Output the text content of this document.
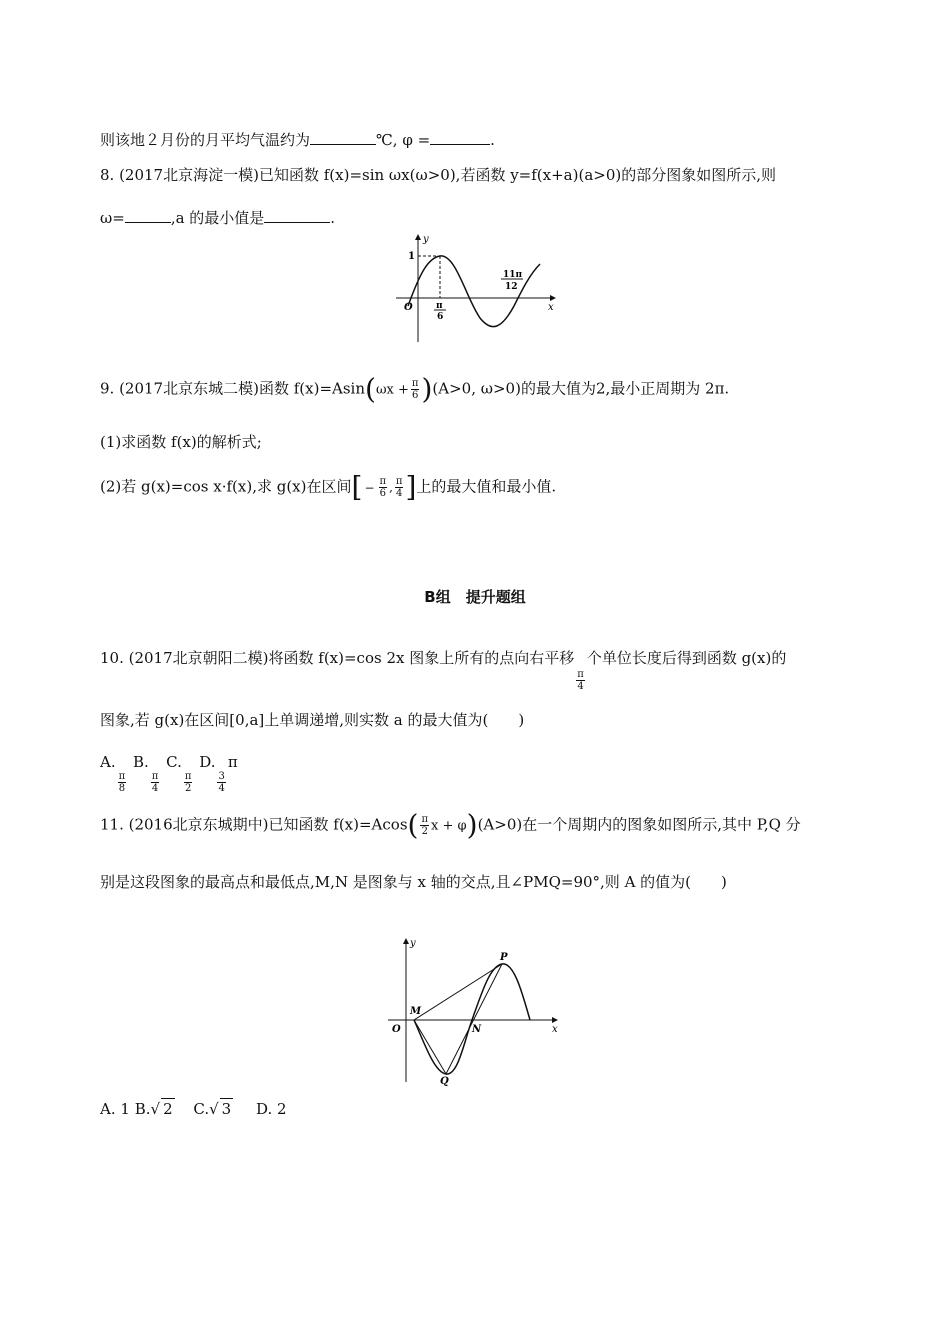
则该地２月份的月平均气温约为	℃, φ =	.
8. (2017北京海淀一模)已知函数 f(x)=sin ωx(ω>0),若函数 y=f(x+a)(a>0)的部分图象如图所示,则
ω=	,a 的最小值是	.
y
x
O
1
π
6
11π
12
9. (2017北京东城二模)函数 $f(x)=Asin(\omega x + \frac{\pi}{6} )(A>0$, ω>0)的最大值为2,最小正周期为 2π.
(1)求函数 f(x)的解析式;
(2)若 g(x)=cos x·f(x),求 g(x)在区间[ − $\frac{\pi}{6}$ , $\frac{\pi}{4}$ ]上的最大值和最小值.
B组　提升题组
10. (2017北京朝阳二模)将函数 f(x)=cos 2x 图象上所有的点向右平移
$\frac{\pi}{4}$
个单位长度后得到函数 g(x)的
图象,若 g(x)在区间[0,a]上单调递增,则实数 a 的最大值为(　　)
A.
$\frac{\pi}{8}$
B.
$\frac{\pi}{4}$
C.
$\frac{\pi}{2}$
D.
$\frac{3}{4}$
π
11. (2016北京东城期中)已知函数 $f(x)=Acos( \frac{\pi}{2}$ x + φ)(A>0)在一个周期内的图象如图所示,其中 P,Q 分
别是这段图象的最高点和最低点,M,N 是图象与 x 轴的交点,且∠PMQ=90°,则 A 的值为(　　)
y
x
O
M
N
P
Q
A. 1 B.√ 2 C.√ 3 D. 2
